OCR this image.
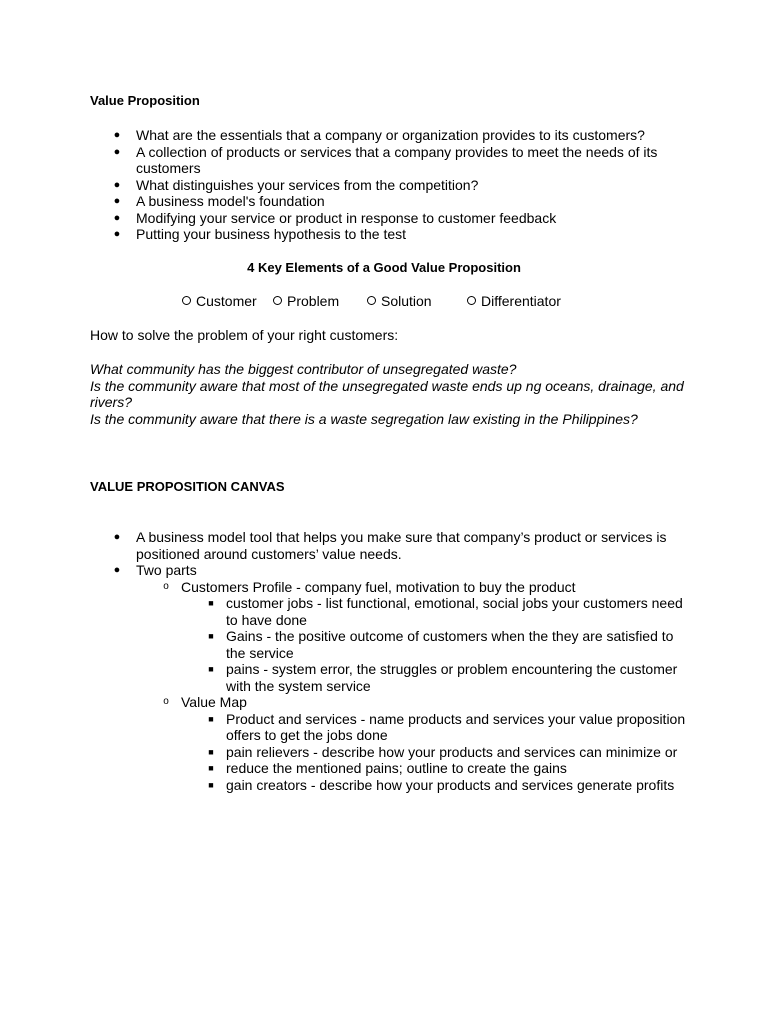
Value Proposition
● What are the essentials that a company or organization provides to its customers?
● A collection of products or services that a company provides to meet the needs of its customers
● What distinguishes your services from the competition?
● A business model's foundation
● Modifying your service or product in response to customer feedback
● Putting your business hypothesis to the test
4 Key Elements of a Good Value Proposition
Customer	Problem	Solution	Differentiator
How to solve the problem of your right customers:
What community has the biggest contributor of unsegregated waste?
Is the community aware that most of the unsegregated waste ends up ng oceans, drainage, and rivers?
Is the community aware that there is a waste segregation law existing in the Philippines?
VALUE PROPOSITION CANVAS
● A business model tool that helps you make sure that company’s product or services is positioned around customers’ value needs.
● Two parts
o Customers Profile - company fuel, motivation to buy the product
■ customer jobs - list functional, emotional, social jobs your customers need to have done
■ Gains - the positive outcome of customers when the they are satisfied to the service
■ pains - system error, the struggles or problem encountering the customer with the system service
o Value Map
■ Product and services - name products and services your value proposition offers to get the jobs done
■ pain relievers - describe how your products and services can minimize or
■ reduce the mentioned pains; outline to create the gains
■ gain creators - describe how your products and services generate profits
